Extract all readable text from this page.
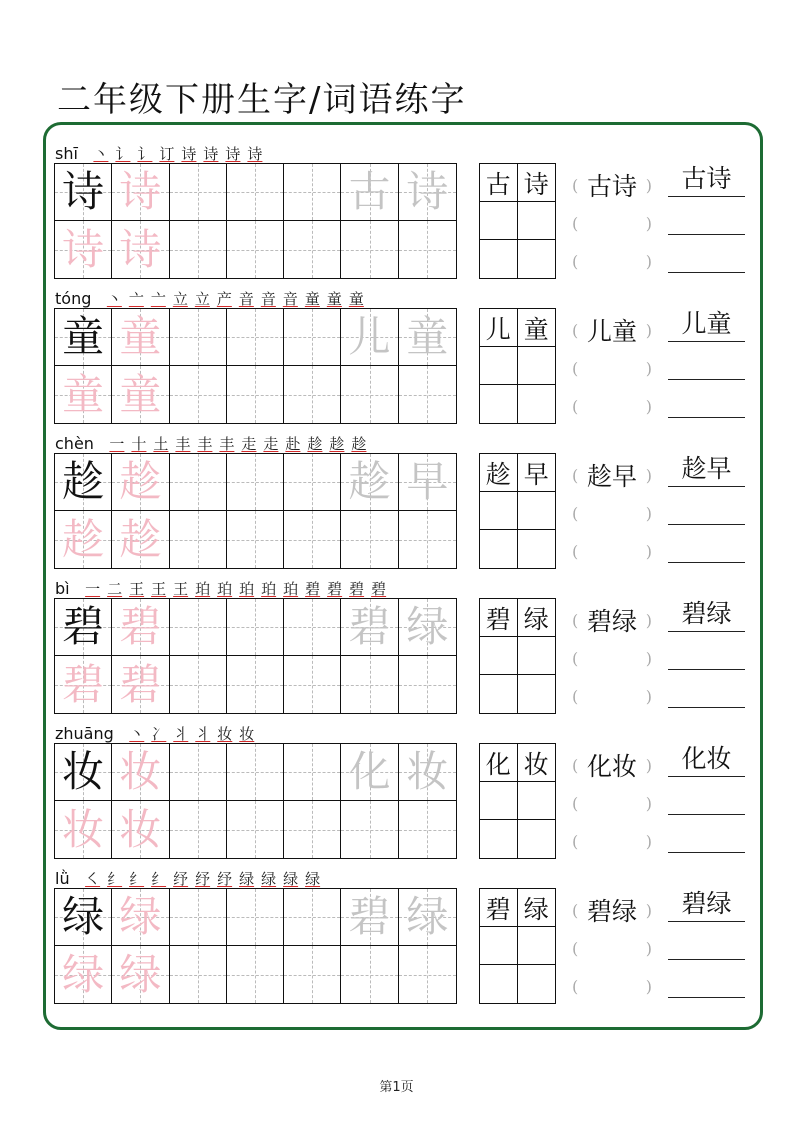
二年级下册生字/词语练字
shī 丶 讠 讠 订 诗 诗 诗 诗
诗 诗	古 诗
诗 诗
古 诗	( 古诗 )
(	)
(	)
古诗
tóng 丶 亠 亠 立 立 产 音 音 音 童 童 童
童 童	儿 童
童 童
儿 童	( 儿童 )
(	)
(	)
儿童
chèn 一 十 土 丰 丰 丰 走 走 赴 趁 趁 趁
趁 趁	趁 早
趁 趁
趁 早	( 趁早 )
(	)
(	)
趁早
bì 一 二 王 王 王 珀 珀 珀 珀 珀 碧 碧 碧 碧
碧 碧	碧 绿
碧 碧
碧 绿	( 碧绿 )
(	)
(	)
碧绿
zhuāng 丶 冫 丬 丬 妆 妆
妆 妆	化 妆
妆 妆
化 妆	( 化妆 )
(	)
(	)
化妆
lǜ ㇛ 纟 纟 纟 纾 纾 纾 绿 绿 绿 绿
绿 绿	碧 绿
绿 绿
碧 绿	( 碧绿 )
(	)
(	)
碧绿
第1页
